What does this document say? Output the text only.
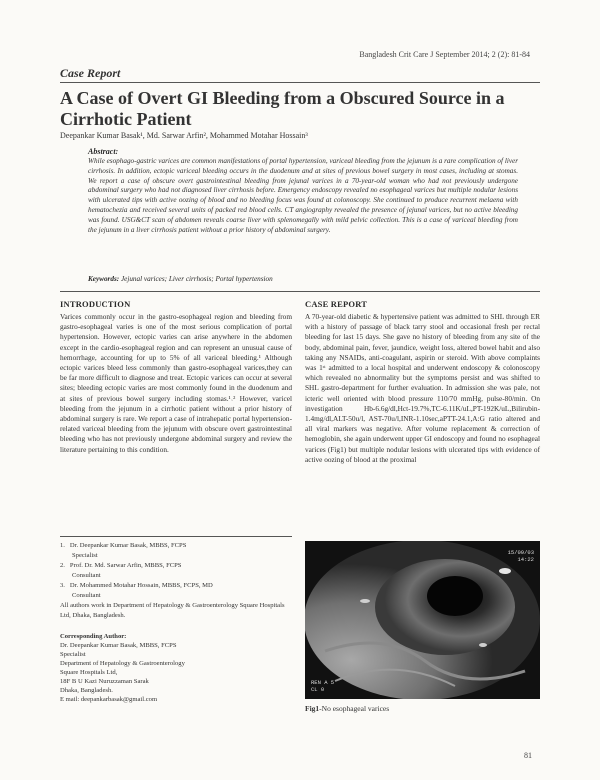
Bangladesh Crit Care J September 2014; 2 (2): 81-84
Case Report
A Case of Overt GI Bleeding from a Obscured Source in a Cirrhotic Patient
Deepankar Kumar Basak¹, Md. Sarwar Arfin², Mohammed Motahar Hossain³
Abstract:
While esophago-gastric varices are common manifestations of portal hypertension, variceal bleeding from the jejunum is a rare complication of liver cirrhosis. In addition, ectopic variceal bleeding occurs in the duodenum and at sites of previous bowel surgery in most cases, including at stomas. We report a case of obscure overt gastrointestinal bleeding from jejunal varices in a 70-year-old woman who had not previously undergone abdominal surgery who had not diagnosed liver cirrhosis before. Emergency endoscopy revealed no esophageal varices but multiple nodular lesions with ulcerated tips with active oozing of blood and no bleeding focus was found at colonoscopy. She continued to produce recurrent melaena with hematochezia and received several units of packed red blood cells. CT angiography revealed the presence of jejunal varices, but no active bleeding was found. USG&CT scan of abdomen reveals coarse liver with splenomegally with mild pelvic collection. This is a case of variceal bleeding from the jejunum in a liver cirrhosis patient without a prior history of abdominal surgery.
Keywords: Jejunal varices; Liver cirrhosis; Portal hypertension
INTRODUCTION
Varices commonly occur in the gastro-esophageal region and bleeding from gastro-esophageal varies is one of the most serious complication of portal hypertension. However, ectopic varies can arise anywhere in the abdomen except in the cardio-esophageal region and can represent an unusual cause of hemorrhage, accounting for up to 5% of all variceal bleeding.¹ Although ectopic varices bleed less commonly than gastro-esophageal varices,they can be far more difficult to diagnose and treat. Ectopic varices can occur at several sites; bleeding ectopic varies are most commonly found in the duodenum and at sites of previous bowel surgery including stomas.¹˒² However, varicel bleeding from the jejunum in a cirrhotic patient without a prior history of abdominal surgery is rare. We report a case of intrahepatic portal hypertension-related variceal bleeding from the jejunum with obscure overt gastrointestinal bleeding who has not previously undergone abdominal surgery and review the literature pertaining to this condition.
1. Dr. Deepankar Kumar Basak, MBBS, FCPS
Specialist
2. Prof. Dr. Md. Sarwar Arfin, MBBS, FCPS
Consultant
3. Dr. Mohammed Motahar Hossain, MBBS, FCPS, MD
Consultant
All authors work in Department of Hepatology & Gastroenterology Square Hospitals Ltd, Dhaka, Bangladesh.
Corresponding Author:
Dr. Deepankar Kumar Basak, MBBS, FCPS
Specialist
Department of Hepatology & Gastroenterology
Square Hospitals Ltd,
18F B U Kazi Nuruzzaman Sarak
Dhaka, Bangladesh.
E mail: deepankarbasak@gmail.com
CASE REPORT
A 70-year-old diabetic & hypertensive patient was admitted to SHL through ER with a history of passage of black tarry stool and occasional fresh per rectal bleeding for last 15 days. She gave no history of bleeding from any site of the body, abdominal pain, fever, jaundice, weight loss, altered bowel habit and also taking any NSAIDs, anti-coagulant, aspirin or steroid. With above complaints was 1ˢᵗ admitted to a local hospital and underwent endoscopy & colonoscopy which revealed no abnormality but the symptoms persist and was shifted to SHL gastro-department for further evaluation. In admission she was pale, not icteric well oriented with blood pressure 110/70 mmHg, pulse-80/min. On investigation Hb-6.6g/dl,Hct-19.7%,TC-6.11K/uL,PT-192K/uL,Bilirubin-1.4mg/dl,ALT-50u/l, AST-70u/l,INR-1.10sec,aPTT-24.1,A:G ratio altered and all viral markers was negative. After volume replacement & correction of hemoglobin, she again underwent upper GI endoscopy and found no esophageal varices (Fig1) but multiple nodular lesions with ulcerated tips with evidence of active oozing of blood at the proximal
15/09/03
14:22
REN A 5
CL 0
Fig1-No esophageal varices
81
